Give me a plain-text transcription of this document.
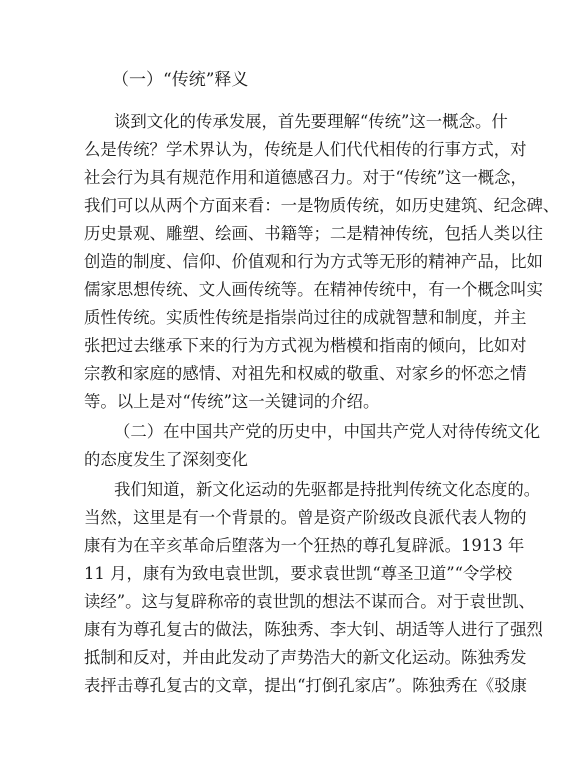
（一）“传统”释义

谈到文化的传承发展，首先要理解“传统”这一概念。什
么是传统？学术界认为，传统是人们代代相传的行事方式，对
社会行为具有规范作用和道德感召力。对于“传统”这一概念，
我们可以从两个方面来看：一是物质传统，如历史建筑、纪念碑、
历史景观、雕塑、绘画、书籍等；二是精神传统，包括人类以往
创造的制度、信仰、价值观和行为方式等无形的精神产品，比如
儒家思想传统、文人画传统等。在精神传统中，有一个概念叫实
质性传统。实质性传统是指崇尚过往的成就智慧和制度，并主
张把过去继承下来的行为方式视为楷模和指南的倾向，比如对
宗教和家庭的感情、对祖先和权威的敬重、对家乡的怀恋之情
等。以上是对“传统”这一关键词的介绍。

（二）在中国共产党的历史中，中国共产党人对待传统文化
的态度发生了深刻变化

我们知道，新文化运动的先驱都是持批判传统文化态度的。
当然，这里是有一个背景的。曾是资产阶级改良派代表人物的
康有为在辛亥革命后堕落为一个狂热的尊孔复辟派。1913 年
11 月，康有为致电袁世凯，要求袁世凯“尊圣卫道”“令学校
读经”。这与复辟称帝的袁世凯的想法不谋而合。对于袁世凯、
康有为尊孔复古的做法，陈独秀、李大钊、胡适等人进行了强烈
抵制和反对，并由此发动了声势浩大的新文化运动。陈独秀发
表抨击尊孔复古的文章，提出“打倒孔家店”。陈独秀在《驳康
